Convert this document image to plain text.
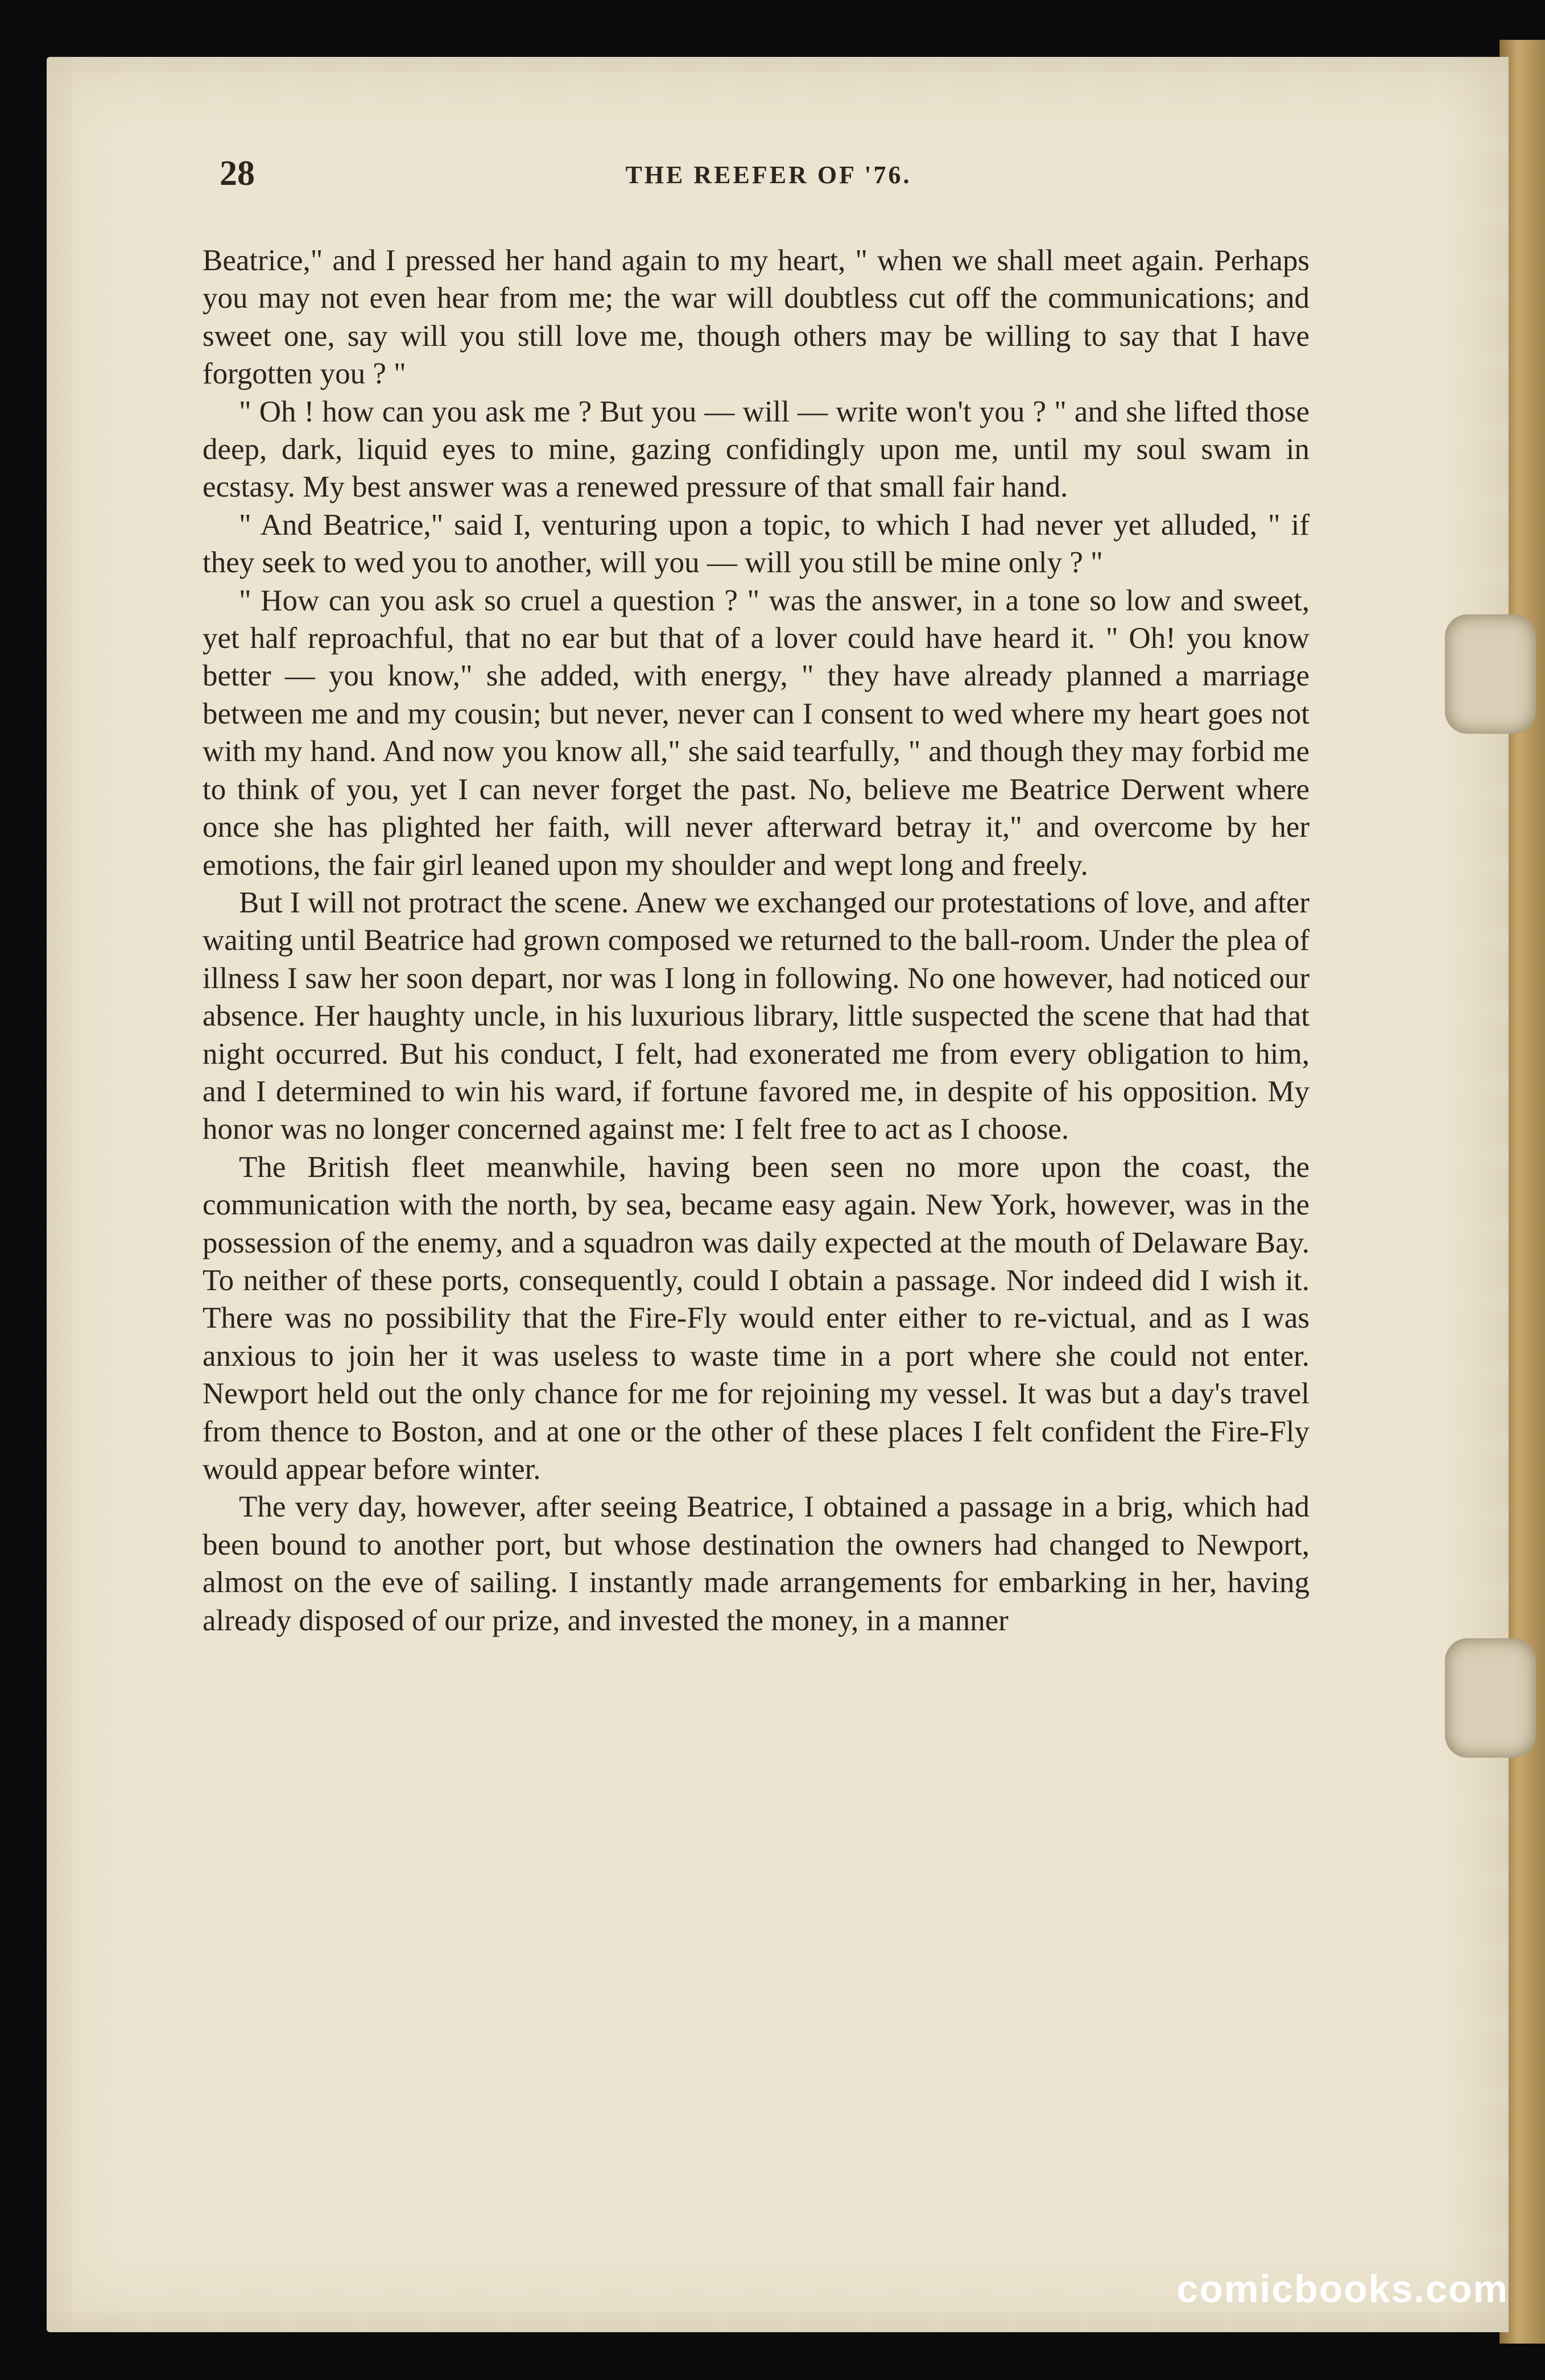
28	THE REEFER OF '76.

Beatrice," and I pressed her hand again to my heart, " when we shall meet again. Perhaps you may not even hear from me; the war will doubtless cut off the communications; and sweet one, say will you still love me, though others may be willing to say that I have forgotten you ? "

" Oh ! how can you ask me ? But you — will — write won't you ? " and she lifted those deep, dark, liquid eyes to mine, gazing confidingly upon me, until my soul swam in ecstasy. My best answer was a renewed pressure of that small fair hand.

" And Beatrice," said I, venturing upon a topic, to which I had never yet alluded, " if they seek to wed you to another, will you — will you still be mine only ? "

" How can you ask so cruel a question ? " was the answer, in a tone so low and sweet, yet half reproachful, that no ear but that of a lover could have heard it. " Oh! you know better — you know," she added, with energy, " they have already planned a marriage between me and my cousin; but never, never can I consent to wed where my heart goes not with my hand. And now you know all," she said tearfully, " and though they may forbid me to think of you, yet I can never forget the past. No, believe me Beatrice Derwent where once she has plighted her faith, will never afterward betray it," and overcome by her emotions, the fair girl leaned upon my shoulder and wept long and freely.

But I will not protract the scene. Anew we exchanged our protestations of love, and after waiting until Beatrice had grown composed we returned to the ball-room. Under the plea of illness I saw her soon depart, nor was I long in following. No one however, had noticed our absence. Her haughty uncle, in his luxurious library, little suspected the scene that had that night occurred. But his conduct, I felt, had exonerated me from every obligation to him, and I determined to win his ward, if fortune favored me, in despite of his opposition. My honor was no longer concerned against me: I felt free to act as I choose.

The British fleet meanwhile, having been seen no more upon the coast, the communication with the north, by sea, became easy again. New York, however, was in the possession of the enemy, and a squadron was daily expected at the mouth of Delaware Bay. To neither of these ports, consequently, could I obtain a passage. Nor indeed did I wish it. There was no possibility that the Fire-Fly would enter either to re-victual, and as I was anxious to join her it was useless to waste time in a port where she could not enter. Newport held out the only chance for me for rejoining my vessel. It was but a day's travel from thence to Boston, and at one or the other of these places I felt confident the Fire-Fly would appear before winter.

The very day, however, after seeing Beatrice, I obtained a passage in a brig, which had been bound to another port, but whose destination the owners had changed to Newport, almost on the eve of sailing. I instantly made arrangements for embarking in her, having already disposed of our prize, and invested the money, in a manner

comicbooks.com
